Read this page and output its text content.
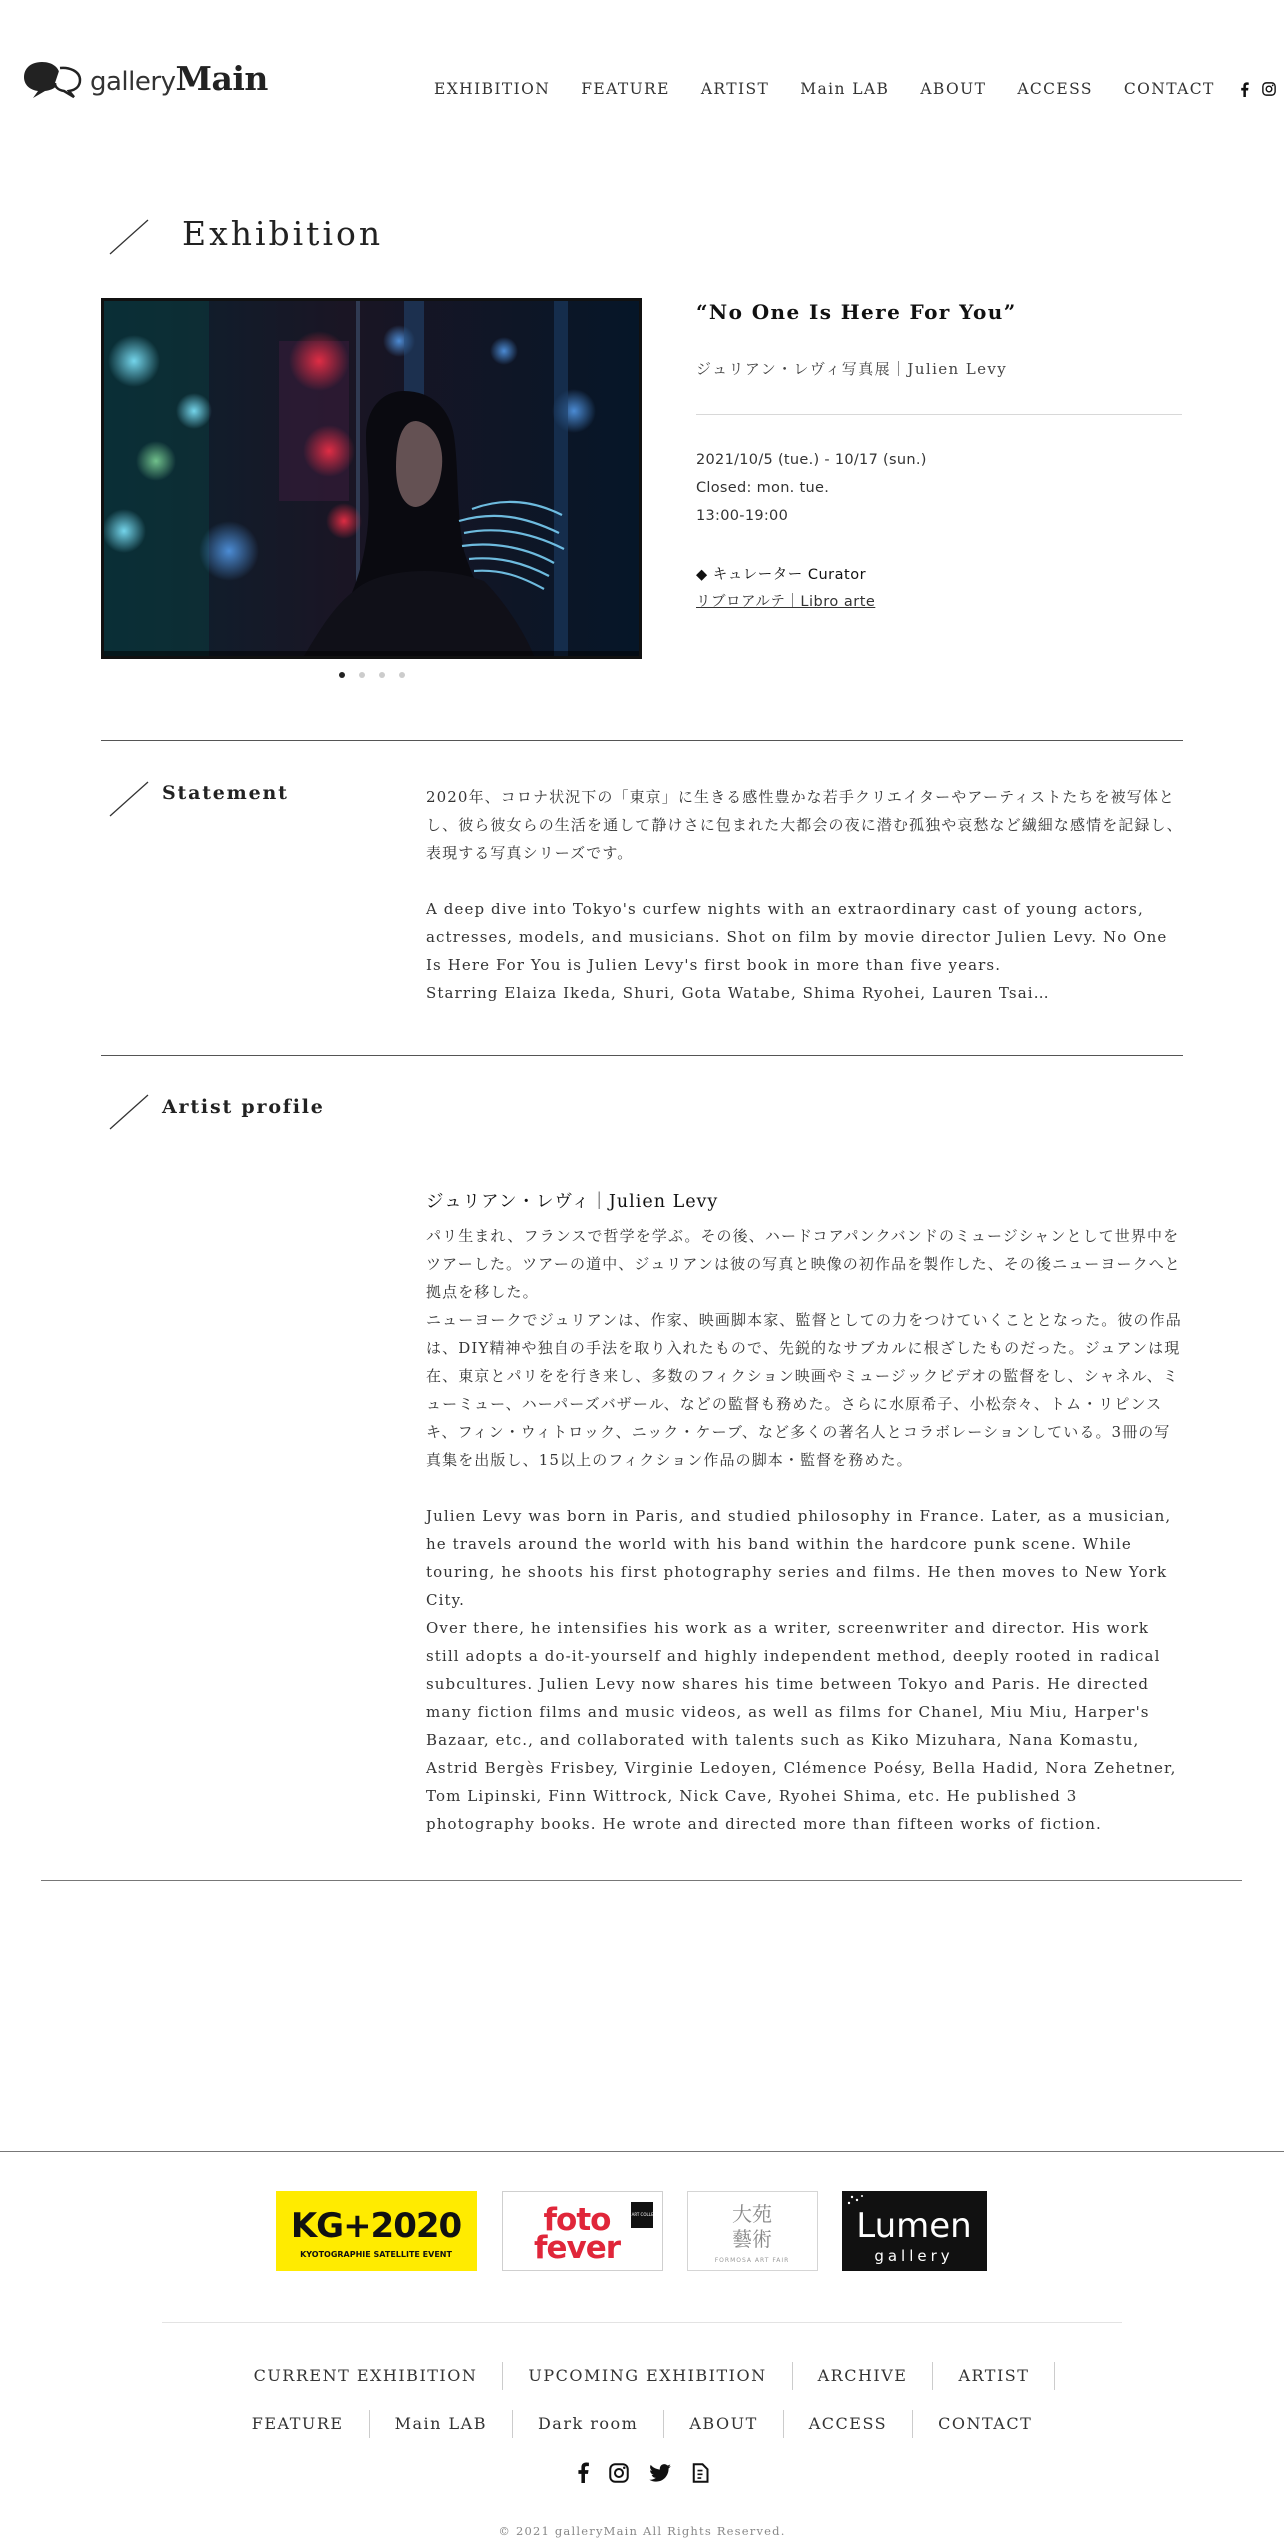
galleryMain	EXHIBITION FEATURE ARTIST Main LAB ABOUT ACCESS CONTACT
Exhibition
“No One Is Here For You”
ジュリアン・レヴィ写真展｜Julien Levy
2021/10/5 (tue.) - 10/17 (sun.)
Closed: mon. tue.
13:00-19:00
◆ キュレーター Curator
リブロアルテ｜Libro arte
Statement	2020年、コロナ状況下の「東京」に生きる感性豊かな若手クリエイターやアーティストたちを被写体とし、彼ら彼女らの生活を通して静けさに包まれた大都会の夜に潜む孤独や哀愁など繊細な感情を記録し、表現する写真シリーズです。

A deep dive into Tokyo's curfew nights with an extraordinary cast of young actors, actresses, models, and musicians. Shot on film by movie director Julien Levy. No One Is Here For You is Julien Levy's first book in more than five years.

Starring Elaiza Ikeda, Shuri, Gota Watabe, Shima Ryohei, Lauren Tsai…

Artist profile
ジュリアン・レヴィ｜Julien Levy

パリ生まれ、フランスで哲学を学ぶ。その後、ハードコアパンクバンドのミュージシャンとして世界中をツアーした。ツアーの道中、ジュリアンは彼の写真と映像の初作品を製作した、その後ニューヨークへと拠点を移した。

ニューヨークでジュリアンは、作家、映画脚本家、監督としての力をつけていくこととなった。彼の作品は、DIY精神や独自の手法を取り入れたもので、先鋭的なサブカルに根ざしたものだった。ジュアンは現在、東京とパリをを行き来し、多数のフィクション映画やミュージックビデオの監督をし、シャネル、ミューミュー、ハーパーズバザール、などの監督も務めた。さらに水原希子、小松奈々、トム・リピンスキ、フィン・ウィトロック、ニック・ケーブ、など多くの著名人とコラボレーションしている。3冊の写真集を出版し、15以上のフィクション作品の脚本・監督を務めた。

Julien Levy was born in Paris, and studied philosophy in France. Later, as a musician, he travels around the world with his band within the hardcore punk scene. While touring, he shoots his first photography series and films. He then moves to New York City.

Over there, he intensifies his work as a writer, screenwriter and director. His work still adopts a do-it-yourself and highly independent method, deeply rooted in radical subcultures. Julien Levy now shares his time between Tokyo and Paris. He directed many fiction films and music videos, as well as films for Chanel, Miu Miu, Harper's Bazaar, etc., and collaborated with talents such as Kiko Mizuhara, Nana Komastu, Astrid Bergès Frisbey, Virginie Ledoyen, Clémence Poésy, Bella Hadid, Nora Zehetner, Tom Lipinski, Finn Wittrock, Nick Cave, Ryohei Shima, etc. He published 3 photography books. He wrote and directed more than fifteen works of fiction.

KG+2020
KYOTOGRAPHIE SATELLITE EVENT
foto
fever
START ART COLLECTING	大苑
藝術
FORMOSA ART FAIR
Lumen
gallery
CURRENT EXHIBITION	UPCOMING EXHIBITION	ARCHIVE	ARTIST
FEATURE	Main LAB	Dark room	ABOUT	ACCESS	CONTACT
© 2021 galleryMain All Rights Reserved.
